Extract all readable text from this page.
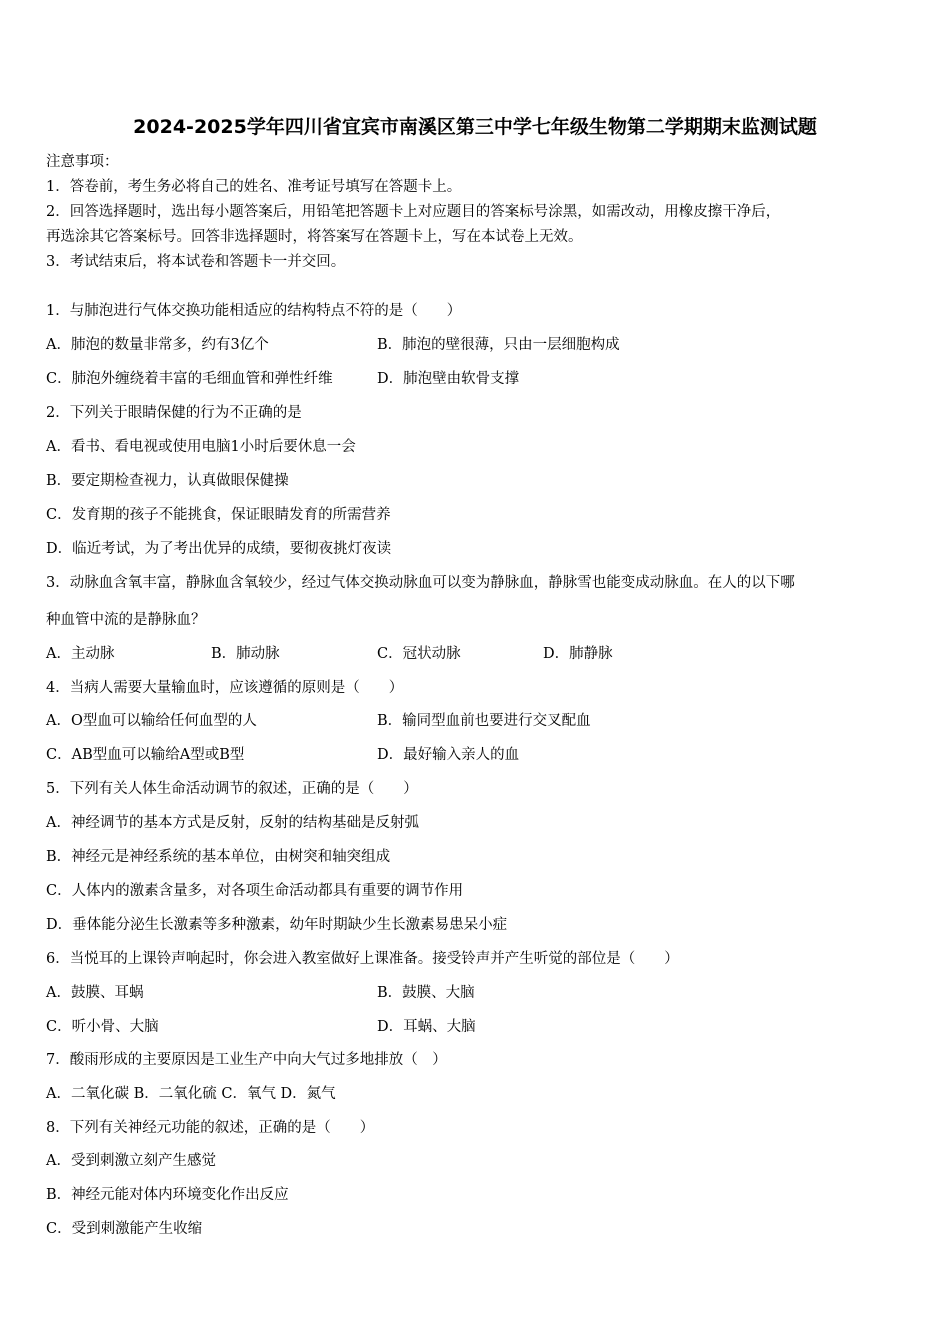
2024-2025学年四川省宜宾市南溪区第三中学七年级生物第二学期期末监测试题
注意事项：
1．答卷前，考生务必将自己的姓名、准考证号填写在答题卡上。
2．回答选择题时，选出每小题答案后，用铅笔把答题卡上对应题目的答案标号涂黑，如需改动，用橡皮擦干净后，
再选涂其它答案标号。回答非选择题时，将答案写在答题卡上，写在本试卷上无效。
3．考试结束后，将本试卷和答题卡一并交回。
1．与肺泡进行气体交换功能相适应的结构特点不符的是（　　）
A．肺泡的数量非常多，约有3亿个	B．肺泡的壁很薄，只由一层细胞构成
C．肺泡外缠绕着丰富的毛细血管和弹性纤维	D．肺泡壁由软骨支撑
2．下列关于眼睛保健的行为不正确的是
A．看书、看电视或使用电脑1小时后要休息一会
B．要定期检查视力，认真做眼保健操
C．发育期的孩子不能挑食，保证眼睛发育的所需营养
D．临近考试，为了考出优异的成绩，要彻夜挑灯夜读
3．动脉血含氧丰富，静脉血含氧较少，经过气体交换动脉血可以变为静脉血，静脉雪也能变成动脉血。在人的以下哪
种血管中流的是静脉血？
A．主动脉	B．肺动脉	C．冠状动脉	D．肺静脉
4．当病人需要大量输血时，应该遵循的原则是（　　）
A．O型血可以输给任何血型的人	B．输同型血前也要进行交叉配血
C．AB型血可以输给A型或B型	D．最好输入亲人的血
5．下列有关人体生命活动调节的叙述，正确的是（　　）
A．神经调节的基本方式是反射，反射的结构基础是反射弧
B．神经元是神经系统的基本单位，由树突和轴突组成
C．人体内的激素含量多，对各项生命活动都具有重要的调节作用
D．垂体能分泌生长激素等多种激素，幼年时期缺少生长激素易患呆小症
6．当悦耳的上课铃声响起时，你会进入教室做好上课准备。接受铃声并产生听觉的部位是（　　）
A．鼓膜、耳蜗	B．鼓膜、大脑
C．听小骨、大脑	D．耳蜗、大脑
7．酸雨形成的主要原因是工业生产中向大气过多地排放（　）
A．二氧化碳 B．二氧化硫 C．氧气 D．氮气
8．下列有关神经元功能的叙述，正确的是（　　）
A．受到刺激立刻产生感觉
B．神经元能对体内环境变化作出反应
C．受到刺激能产生收缩
